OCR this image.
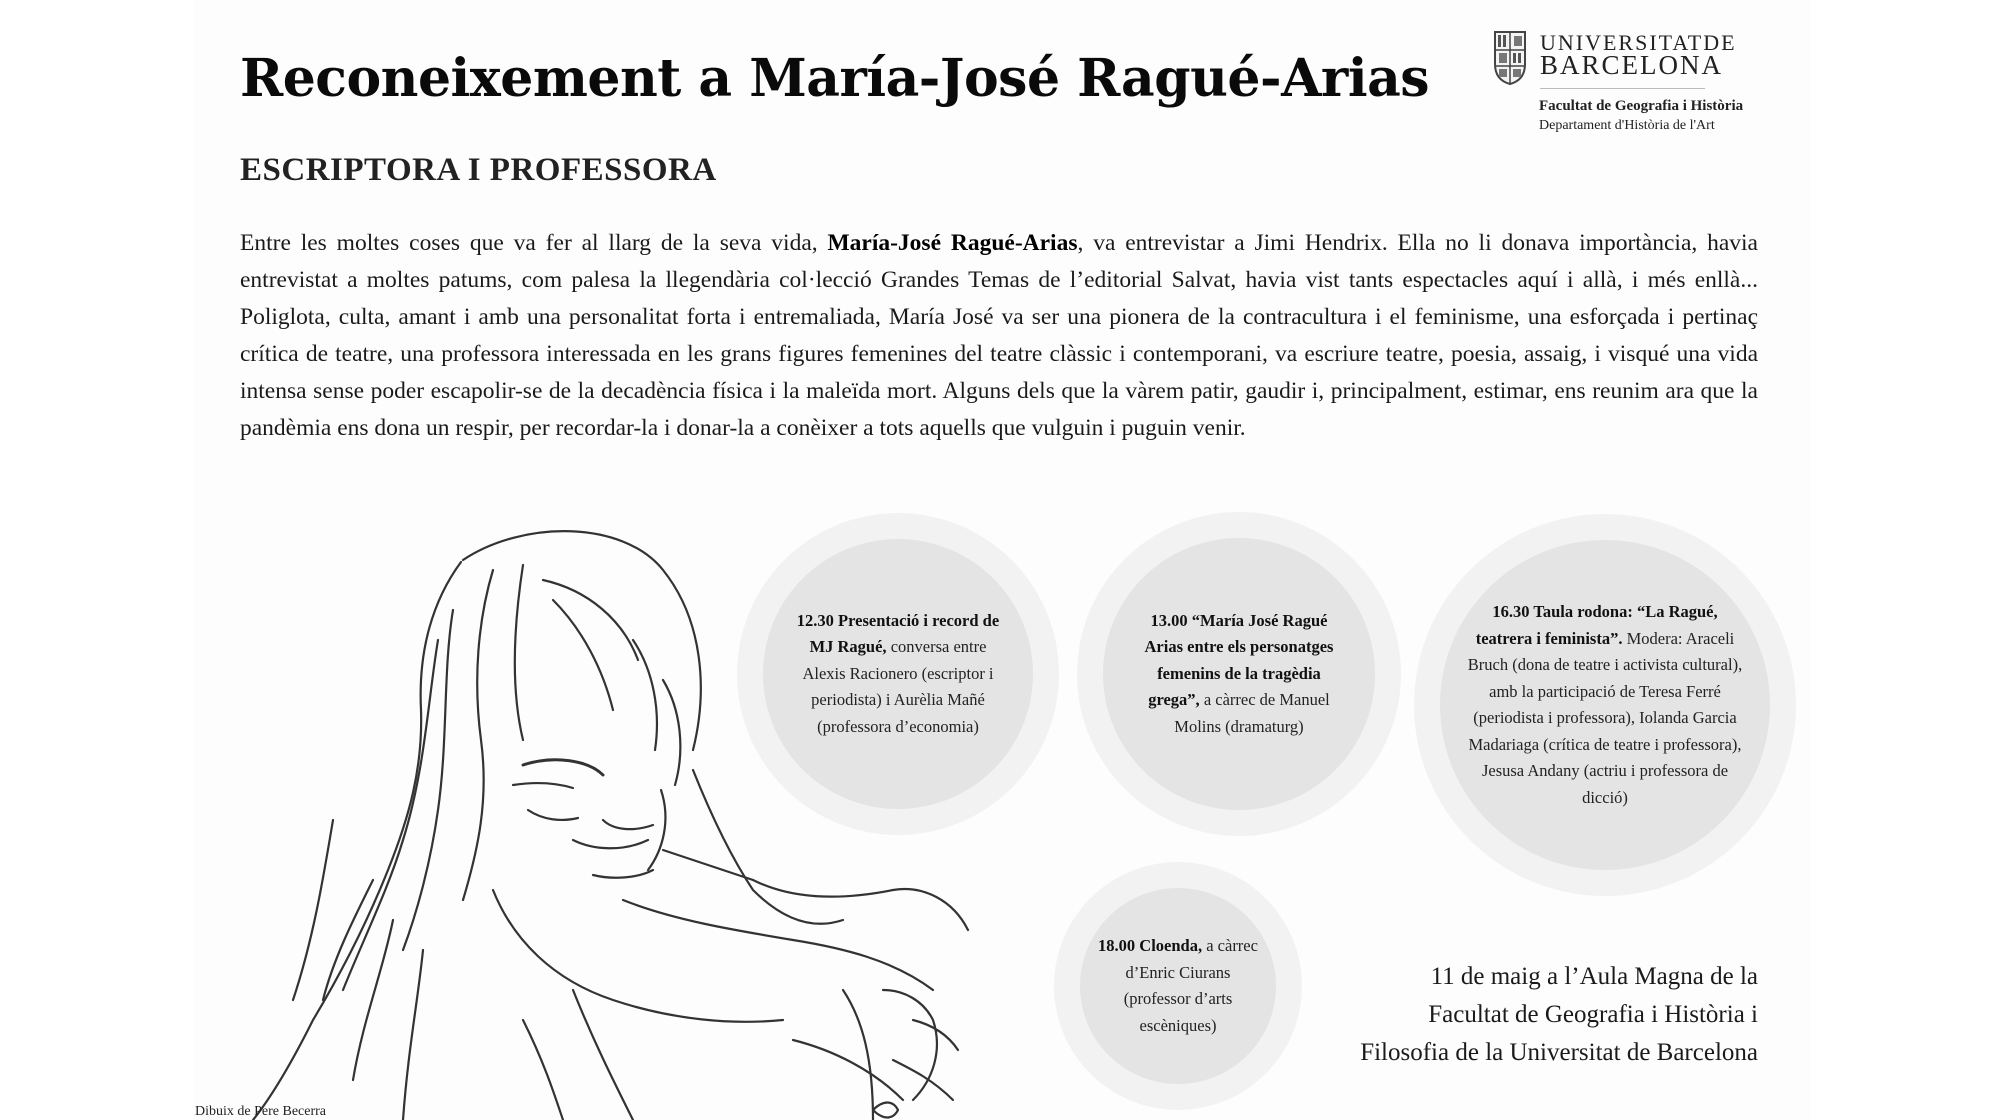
Reconeixement a María-José Ragué-Arias
ESCRIPTORA I PROFESSORA
UNIVERSITATDE
BARCELONA
Facultat de Geografia i Història
Departament d'Història de l'Art

Entre les moltes coses que va fer al llarg de la seva vida, María-José Ragué-Arias, va entrevistar a Jimi Hendrix. Ella no li donava importància, havia entrevistat a moltes patums, com palesa la llegendària col·lecció Grandes Temas de l’editorial Salvat, havia vist tants espectacles aquí i allà, i més enllà... Poliglota, culta, amant i amb una personalitat forta i entremaliada, María José va ser una pionera de la contracultura i el feminisme, una esforçada i pertinaç crítica de teatre, una professora interessada en les grans figures femenines del teatre clàssic i contemporani, va escriure teatre, poesia, assaig, i visqué una vida intensa sense poder escapolir-se de la decadència física i la maleïda mort. Alguns dels que la vàrem patir, gaudir i, principalment, estimar, ens reunim ara que la pandèmia ens dona un respir, per recordar-la i donar-la a conèixer a tots aquells que vulguin i puguin venir.

12.30 Presentació i record de MJ Ragué, conversa entre Alexis Racionero (escriptor i periodista) i Aurèlia Mañé (professora d’economia)
13.00 “María José Ragué Arias entre els personatges femenins de la tragèdia grega”, a càrrec de Manuel Molins (dramaturg)
16.30 Taula rodona: “La Ragué, teatrera i feminista”. Modera: Araceli Bruch (dona de teatre i activista cultural), amb la participació de Teresa Ferré (periodista i professora), Iolanda Garcia Madariaga (crítica de teatre i professora), Jesusa Andany (actriu i professora de dicció)
18.00 Cloenda, a càrrec d’Enric Ciurans (professor d’arts escèniques)

11 de maig a l’Aula Magna de la
Facultat de Geografia i Història i
Filosofia de la Universitat de Barcelona

Dibuix de Pere Becerra
